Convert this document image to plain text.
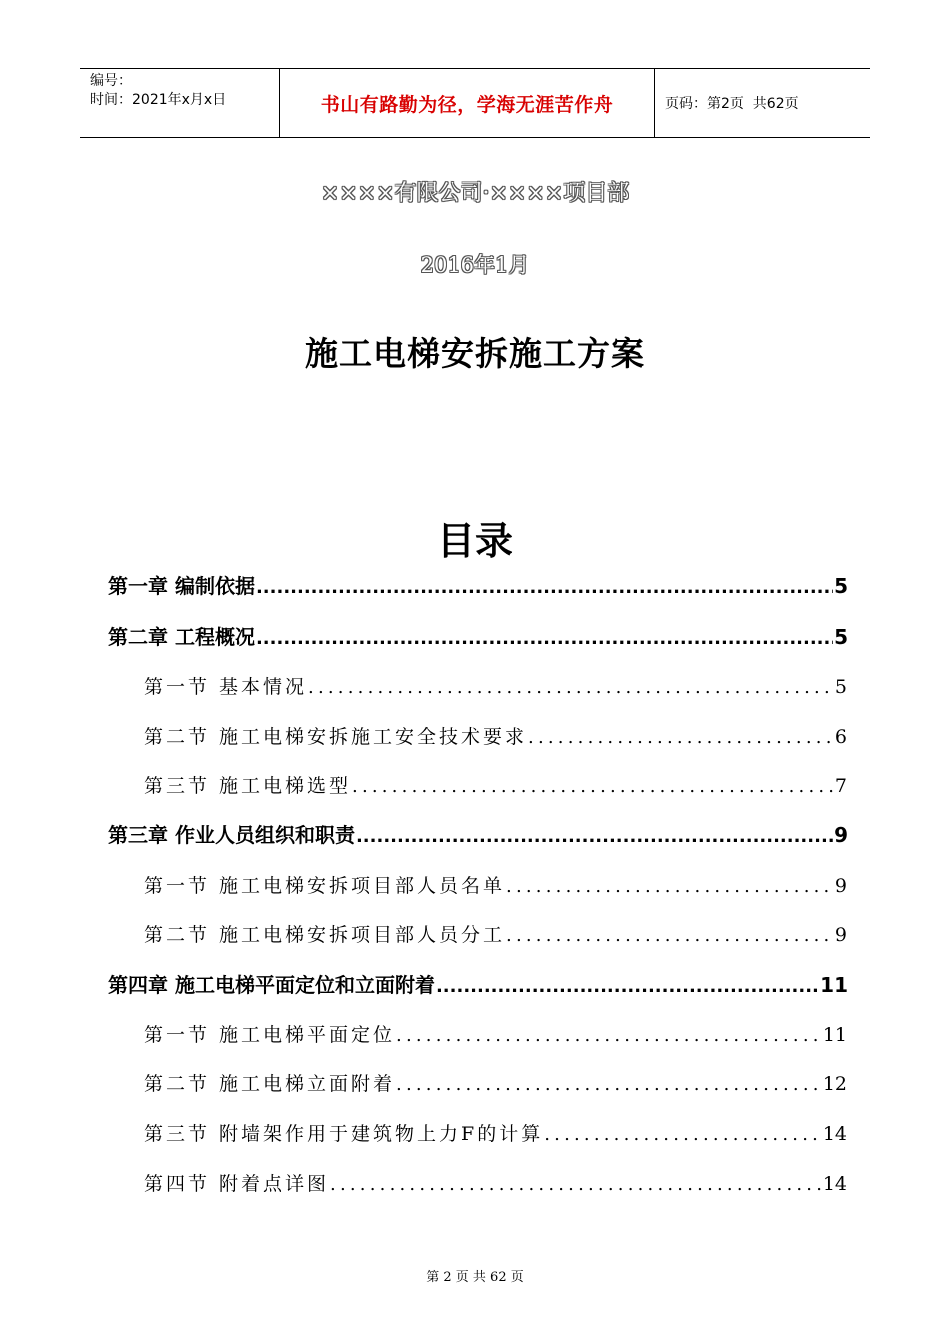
编号：
时间：2021年x月x日	书山有路勤为径，学海无涯苦作舟	页码：第2页  共62页
××××有限公司·××××项目部
2016年1月
施工电梯安拆施工方案
目录
第一章 编制依据 .....	5
第二章 工程概况 .....	5
第一节 基本情况 .....	5
第二节 施工电梯安拆施工安全技术要求 .....	6
第三节 施工电梯选型 .....	7
第三章 作业人员组织和职责 .....	9
第一节 施工电梯安拆项目部人员名单 .....	9
第二节 施工电梯安拆项目部人员分工 .....	9
第四章 施工电梯平面定位和立面附着 .....	11
第一节 施工电梯平面定位 .....	11
第二节 施工电梯立面附着 .....	12
第三节 附墙架作用于建筑物上力F的计算 .....	14
第四节 附着点详图 .....	14
第 2 页 共 62 页
